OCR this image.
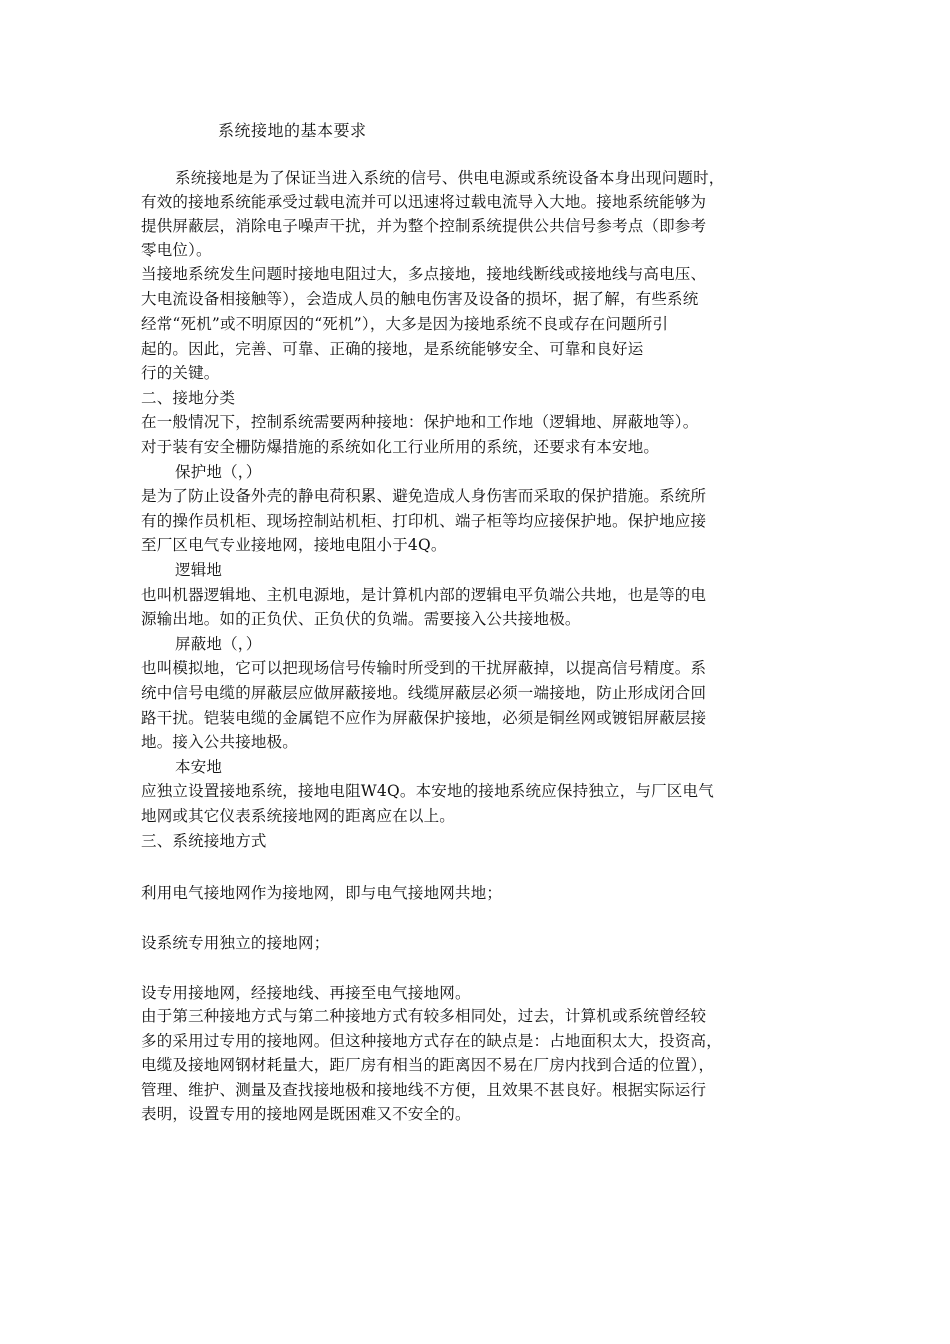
系统接地的基本要求
系统接地是为了保证当进入系统的信号、供电电源或系统设备本身出现问题时，
有效的接地系统能承受过载电流并可以迅速将过载电流导入大地。接地系统能够为
提供屏蔽层，消除电子噪声干扰，并为整个控制系统提供公共信号参考点（即参考
零电位）。
当接地系统发生问题时接地电阻过大，多点接地，接地线断线或接地线与高电压、
大电流设备相接触等），会造成人员的触电伤害及设备的损坏，据了解，有些系统
经常“死机”或不明原因的“死机”），大多是因为接地系统不良或存在问题所引
起的。因此，完善、可靠、正确的接地，是系统能够安全、可靠和良好运
行的关键。
二、接地分类
在一般情况下，控制系统需要两种接地：保护地和工作地（逻辑地、屏蔽地等）。
对于装有安全栅防爆措施的系统如化工行业所用的系统，还要求有本安地。
保护地（，）
是为了防止设备外壳的静电荷积累、避免造成人身伤害而采取的保护措施。系统所
有的操作员机柜、现场控制站机柜、打印机、端子柜等均应接保护地。保护地应接
至厂区电气专业接地网，接地电阻小于4Q。
逻辑地
也叫机器逻辑地、主机电源地，是计算机内部的逻辑电平负端公共地，也是等的电
源输出地。如的正负伏、正负伏的负端。需要接入公共接地极。
屏蔽地（，）
也叫模拟地，它可以把现场信号传输时所受到的干扰屏蔽掉，以提高信号精度。系
统中信号电缆的屏蔽层应做屏蔽接地。线缆屏蔽层必须一端接地，防止形成闭合回
路干扰。铠装电缆的金属铠不应作为屏蔽保护接地，必须是铜丝网或镀铝屏蔽层接
地。接入公共接地极。
本安地
应独立设置接地系统，接地电阻W4Q。本安地的接地系统应保持独立，与厂区电气
地网或其它仪表系统接地网的距离应在以上。
三、系统接地方式
利用电气接地网作为接地网，即与电气接地网共地；
设系统专用独立的接地网；
设专用接地网，经接地线、再接至电气接地网。
由于第三种接地方式与第二种接地方式有较多相同处，过去，计算机或系统曾经较
多的采用过专用的接地网。但这种接地方式存在的缺点是：占地面积太大，投资高，
电缆及接地网钢材耗量大，距厂房有相当的距离因不易在厂房内找到合适的位置），
管理、维护、测量及查找接地极和接地线不方便，且效果不甚良好。根据实际运行
表明，设置专用的接地网是既困难又不安全的。
